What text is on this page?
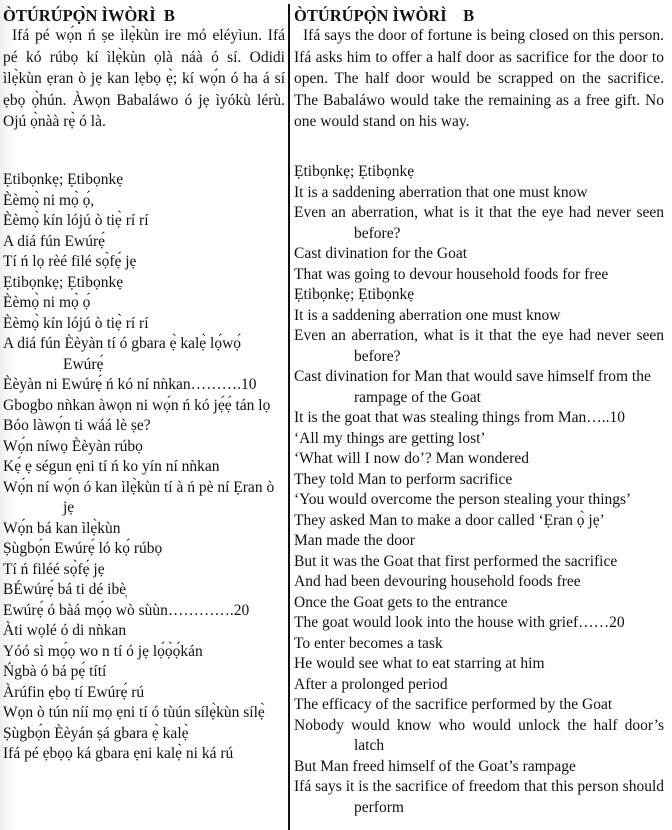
ÒTÚRÚPỌ̀N ÌWÒRÌ  B

Ifá pé wọ́n ń ṣe ìlẹ̀kùn ire mó eléyìun. Ifá pé kó rúbọ kí ìlẹ̀kùn ọlà náà ó sí. Odidi ìlẹ̀kùn ẹran ò jẹ kan lẹbọ ẹ̀; kí wọ́n ó ha á sí ẹbọ ọ̀hún. Àwọn Babaláwo ó jẹ ìyókù lérù. Ojú ọ̀nàà rẹ̀ ó là.

Ẹtibọnkẹ; Ẹtibọnkẹ

Èèmọ̀ ni mọ̀ ọ́,

Èèmọ̀ kín lójú ò tiẹ̀ rí rí

A diá fún Ewúrẹ́

Tí ń lọ rèé filé sọ̀fẹ́ jẹ

Ẹtibọnkẹ; Ẹtibọnkẹ

Èèmọ̀ ni mọ̀ ọ́

Èèmọ̀ kín lójú ò tiẹ̀ rí rí

A diá fún Èèyàn tí ó gbara ẹ̀ kalẹ̀ lọ́wọ́ Ewúrẹ́

Èèyàn ni Ewúrẹ́ ń kó ní nǹkan……….10

Gbogbo nǹkan àwọn ni wọ́n ń kó jẹ́ẹ́ tán lọ

Bóo làwọ́n ti wáá lè ṣe?

Wọ́n níwọ Èèyàn rúbọ

Kẹ́ ẹ ségun ẹni tí ń ko yín ní nǹkan

Wọ́n ní wọ́n ó kan ìlẹ̀kùn tí à ń pè ní Ẹran ò jẹ

Wọ́n bá kan ìlẹ̀kùn

Ṣùgbọ́n Ewúrẹ́ ló kọ́ rúbọ

Tí ń filéé sọ̀fẹ́ jẹ

BÉwúrẹ́ bá ti dé ibè̩

Ewúrẹ́ ó bàá mọ́ọ wò sùùn………….20

Àti wọlé ó di nǹkan

Yóó sì mọ́ọ wo n tí ó jẹ lọ́ọ̀ọ́kán

Ńgbà ó bá pẹ́ títí

Àrúfin ẹbọ tí Ewúrẹ́ rú

Wọn ò tún níí mọ ẹni tí ó tùún sílẹ̀kùn sílẹ̀

Ṣùgbọ́n Èèyán ṣá gbara ẹ̀ kalẹ̀

Ifá pé ẹbọọ ká gbara ẹni kalẹ̀ ni ká rú

ÒTÚRÚPỌ̀N ÌWÒRÌ    B

Ifá says the door of fortune is being closed on this person. Ifá asks him to offer a half door as sacrifice for the door to open. The half door would be scrapped on the sacrifice. The Babaláwo would take the remaining as a free gift. No one would stand on his way.

Ẹtibọnkẹ; Ẹtibọnkẹ

It is a saddening aberration that one must know

Even an aberration, what is it that the eye had never seen before?

Cast divination for the Goat

That was going to devour household foods for free

Ẹtibọnkẹ; Ẹtibọnkẹ

It is a saddening aberration one must know

Even an aberration, what is it that the eye had never seen before?

Cast divination for Man that would save himself from the rampage of the Goat

It is the goat that was stealing things from Man…..10

‘All my things are getting lost’

‘What will I now do’? Man wondered

They told Man to perform sacrifice

‘You would overcome the person stealing your things’

They asked Man to make a door called ‘Ẹran ọ̀ jẹ’

Man made the door

But it was the Goat that first performed the sacrifice

And had been devouring household foods free

Once the Goat gets to the entrance

The goat would look into the house with grief……20

To enter becomes a task

He would see what to eat starring at him

After a prolonged period

The efficacy of the sacrifice performed by the Goat

Nobody would know who would unlock the half door’s latch

But Man freed himself of the Goat’s rampage

Ifá says it is the sacrifice of freedom that this person should perform
